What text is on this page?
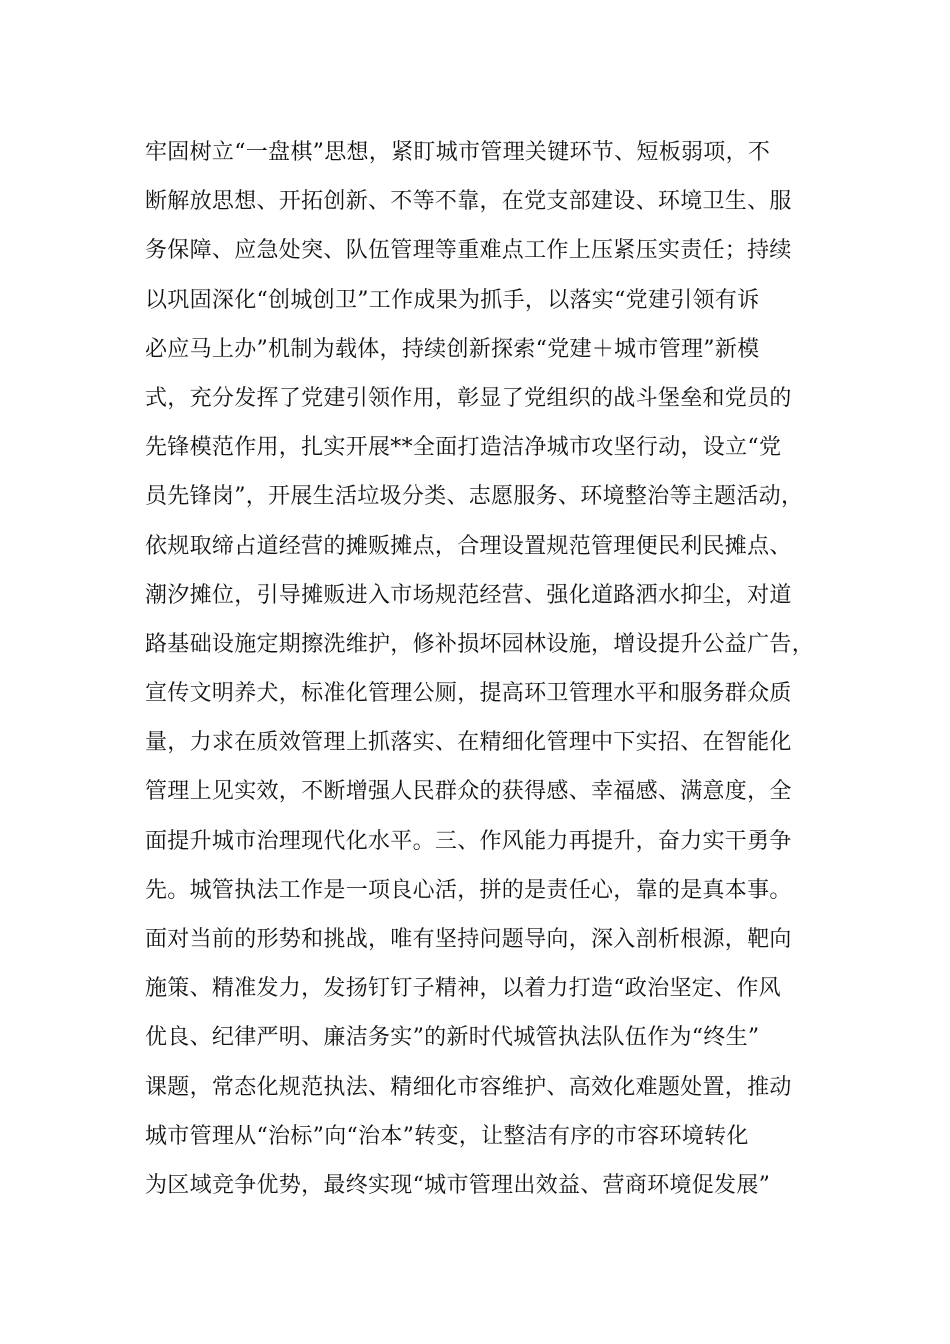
牢固树立“一盘棋”思想，紧盯城市管理关键环节、短板弱项，不
断解放思想、开拓创新、不等不靠，在党支部建设、环境卫生、服
务保障、应急处突、队伍管理等重难点工作上压紧压实责任；持续
以巩固深化“创城创卫”工作成果为抓手，以落实“党建引领有诉
必应马上办”机制为载体，持续创新探索“党建＋城市管理”新模
式，充分发挥了党建引领作用，彰显了党组织的战斗堡垒和党员的
先锋模范作用，扎实开展**全面打造洁净城市攻坚行动，设立“党
员先锋岗”，开展生活垃圾分类、志愿服务、环境整治等主题活动，
依规取缔占道经营的摊贩摊点，合理设置规范管理便民利民摊点、
潮汐摊位，引导摊贩进入市场规范经营、强化道路洒水抑尘，对道
路基础设施定期擦洗维护，修补损坏园林设施，增设提升公益广告，
宣传文明养犬，标准化管理公厕，提高环卫管理水平和服务群众质
量，力求在质效管理上抓落实、在精细化管理中下实招、在智能化
管理上见实效，不断增强人民群众的获得感、幸福感、满意度，全
面提升城市治理现代化水平。三、作风能力再提升，奋力实干勇争
先。城管执法工作是一项良心活，拼的是责任心，靠的是真本事。
面对当前的形势和挑战，唯有坚持问题导向，深入剖析根源，靶向
施策、精准发力，发扬钉钉子精神，以着力打造“政治坚定、作风
优良、纪律严明、廉洁务实”的新时代城管执法队伍作为“终生”
课题，常态化规范执法、精细化市容维护、高效化难题处置，推动
城市管理从“治标”向“治本”转变，让整洁有序的市容环境转化
为区域竞争优势，最终实现“城市管理出效益、营商环境促发展”
